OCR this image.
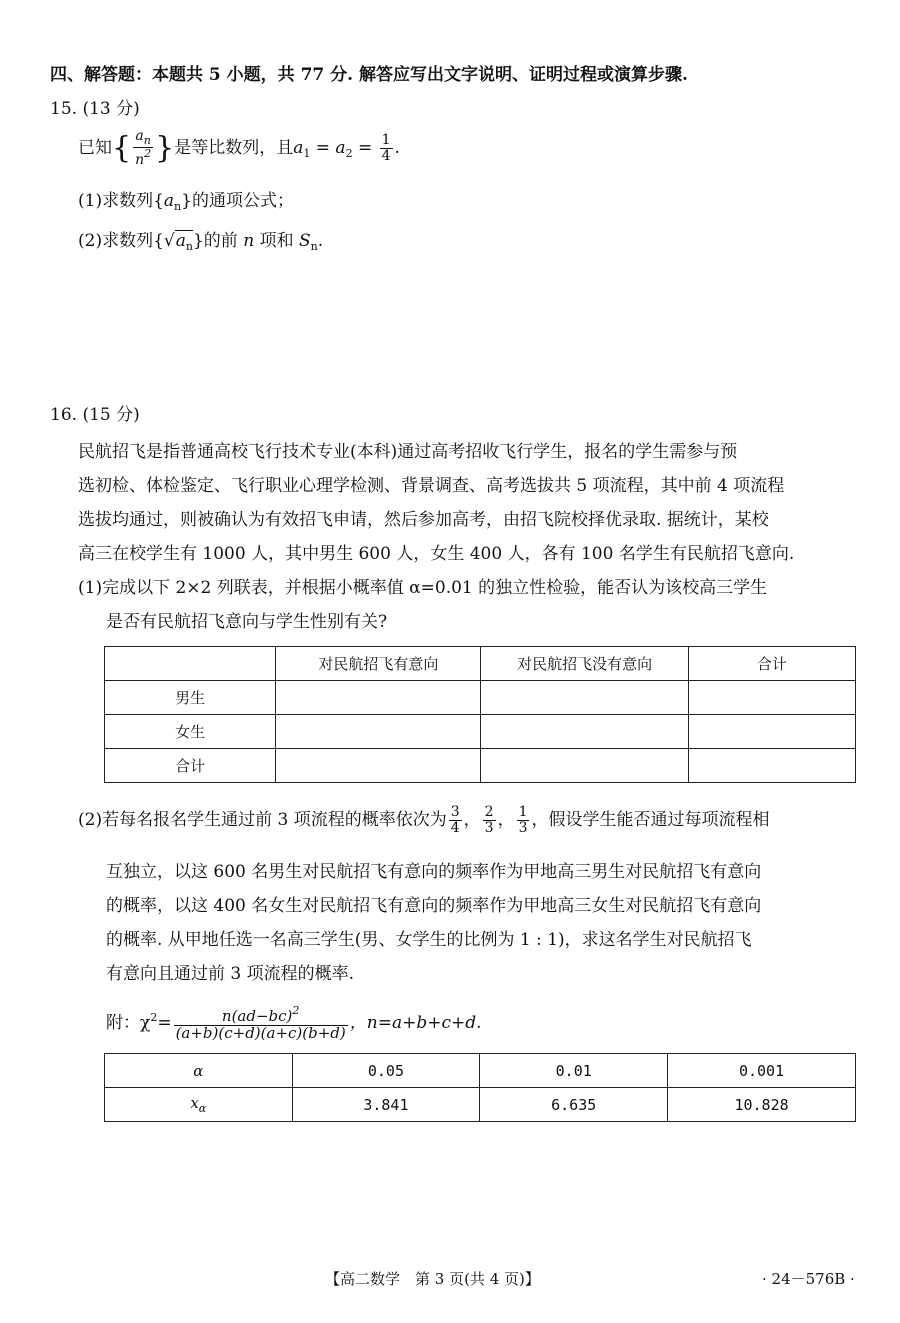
四、解答题：本题共 5 小题，共 77 分. 解答应写出文字说明、证明过程或演算步骤.
15. (13 分)
已知{ $\frac{a_n}{n^2}$ }是等比数列，且$a_1 = a_2 = \frac{1}{4}$ .
(1)求数列$\{a_n\}$的通项公式；
(2)求数列$\{√a_n\}$的前 n 项和 $S_n$.
16. (15 分)
民航招飞是指普通高校飞行技术专业(本科)通过高考招收飞行学生，报名的学生需参与预
选初检、体检鉴定、飞行职业心理学检测、背景调查、高考选拔共 5 项流程，其中前 4 项流程
选拔均通过，则被确认为有效招飞申请，然后参加高考，由招飞院校择优录取. 据统计，某校
高三在校学生有 1000 人，其中男生 600 人，女生 400 人，各有 100 名学生有民航招飞意向.
(1)完成以下 2×2 列联表，并根据小概率值 α=0.01 的独立性检验，能否认为该校高三学生
是否有民航招飞意向与学生性别有关?
	对民航招飞有意向	对民航招飞没有意向	合计
男生			
女生			
合计			
(2)若每名报名学生通过前 3 项流程的概率依次为 $\frac{3}{4}$ ， $\frac{2}{3}$ ， $\frac{1}{3}$ ，假设学生能否通过每项流程相
互独立，以这 600 名男生对民航招飞有意向的频率作为甲地高三男生对民航招飞有意向
的概率，以这 400 名女生对民航招飞有意向的频率作为甲地高三女生对民航招飞有意向
的概率. 从甲地任选一名高三学生(男、女学生的比例为 1 : 1)，求这名学生对民航招飞
有意向且通过前 3 项流程的概率.
附：$\chi^2= \frac{n(ad-bc)^2}{(a+b)(c+d)(a+c)(b+d)}$ ，n=a+b+c+d.
α	0.05	0.01	0.001
$x_\alpha$	3.841	6.635	10.828
【高二数学　第 3 页(共 4 页)】	· 24－576B ·
